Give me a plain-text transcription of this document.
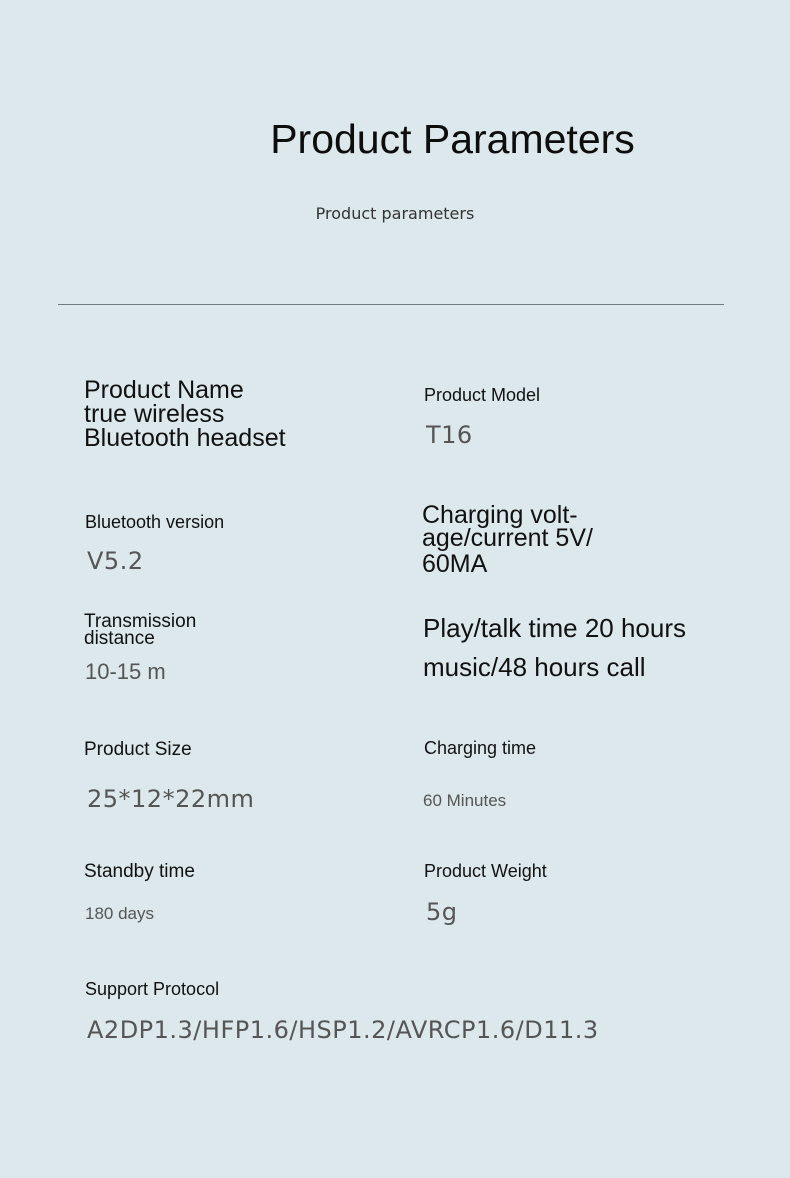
Product Parameters
Product parameters
Product Name
true wireless
Bluetooth headset
Product Model
T16
Bluetooth version
V5.2
Charging volt-
age/current 5V/
60MA
Transmission
distance
10-15 m
Play/talk time 20 hours
music/48 hours call
Product Size
25*12*22mm
Charging time
60 Minutes
Standby time
180 days
Product Weight
5g
Support Protocol
A2DP1.3/HFP1.6/HSP1.2/AVRCP1.6/D11.3
